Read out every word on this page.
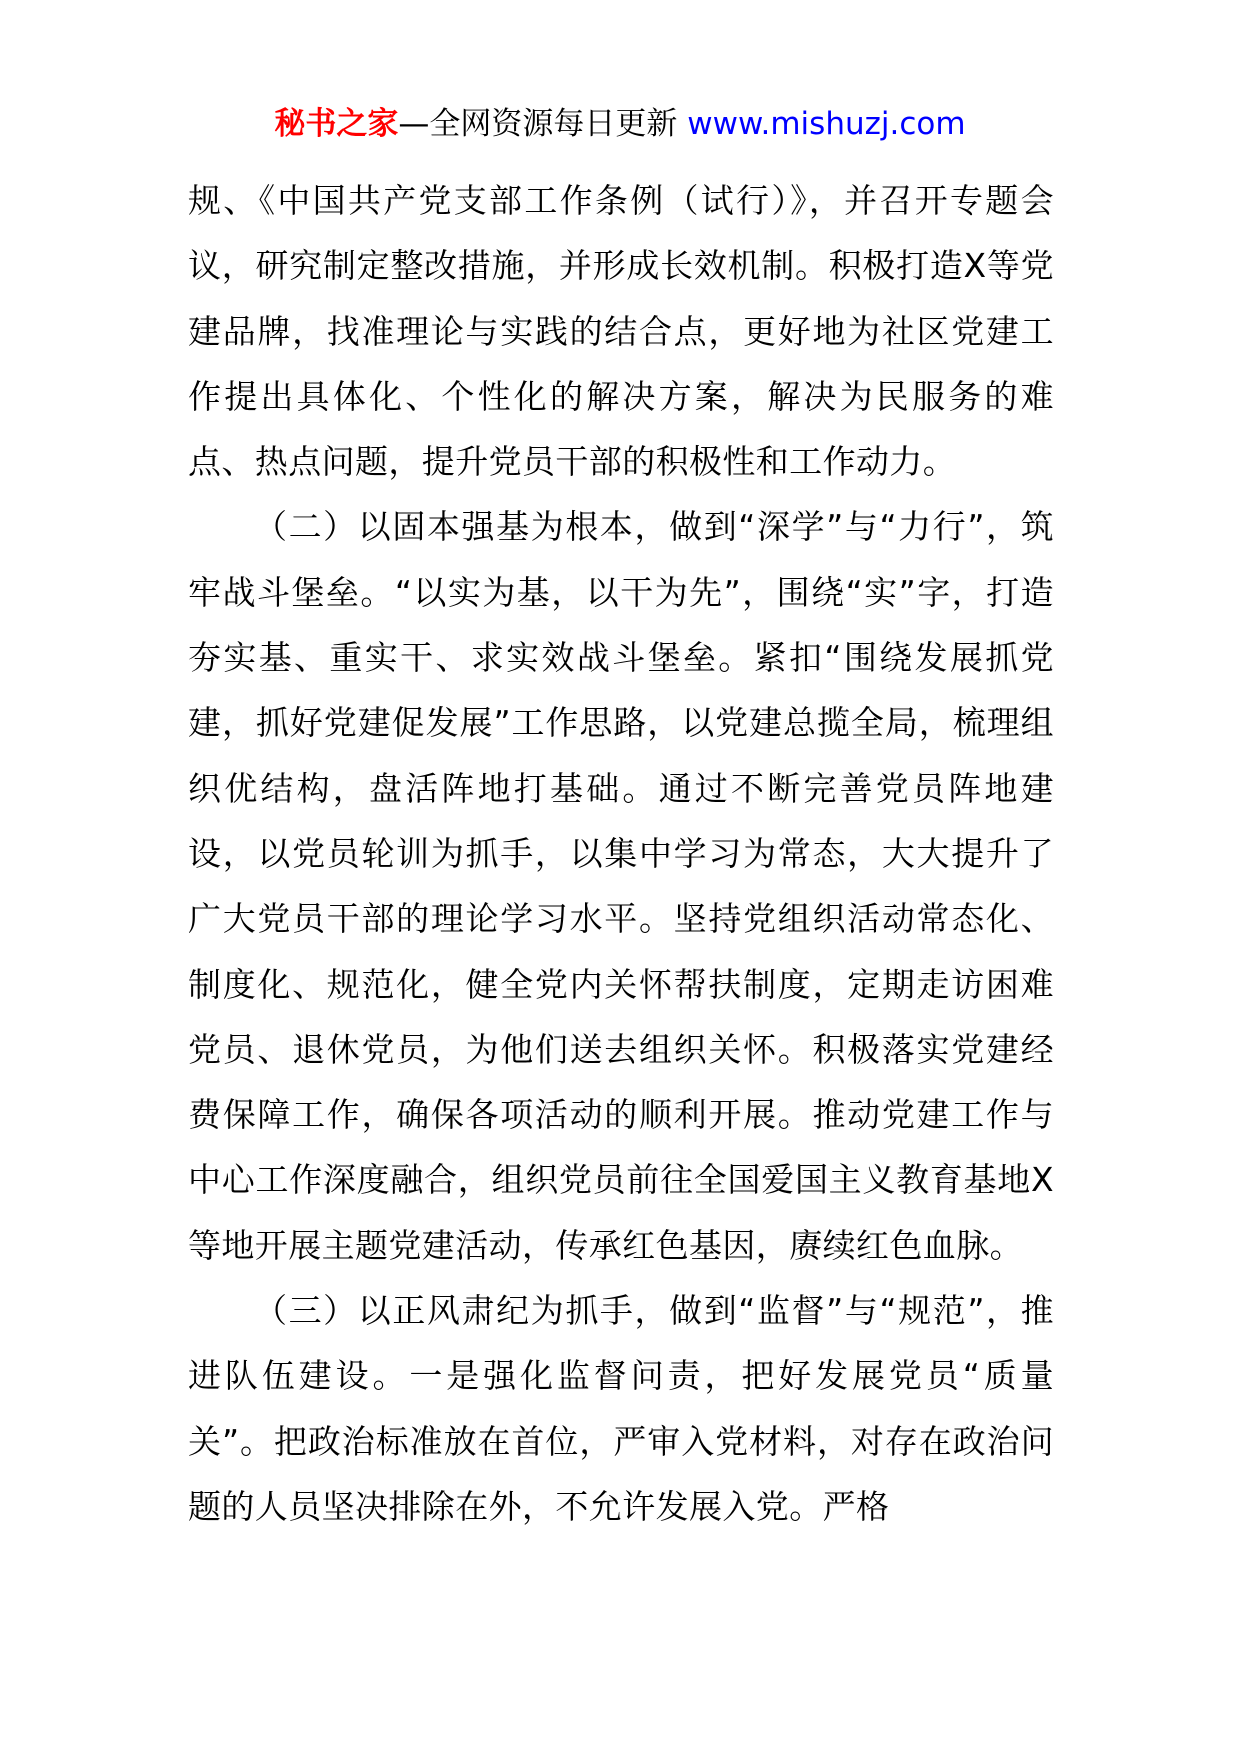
秘书之家—全网资源每日更新 www.mishuzj.com

规、《中国共产党支部工作条例（试行）》，并召开专题会议，研究制定整改措施，并形成长效机制。积极打造X等党建品牌，找准理论与实践的结合点，更好地为社区党建工作提出具体化、个性化的解决方案，解决为民服务的难点、热点问题，提升党员干部的积极性和工作动力。

（二）以固本强基为根本，做到“深学”与“力行”，筑牢战斗堡垒。“以实为基，以干为先”，围绕“实”字，打造夯实基、重实干、求实效战斗堡垒。紧扣“围绕发展抓党建，抓好党建促发展”工作思路，以党建总揽全局，梳理组织优结构，盘活阵地打基础。通过不断完善党员阵地建设，以党员轮训为抓手，以集中学习为常态，大大提升了广大党员干部的理论学习水平。坚持党组织活动常态化、制度化、规范化，健全党内关怀帮扶制度，定期走访困难党员、退休党员，为他们送去组织关怀。积极落实党建经费保障工作，确保各项活动的顺利开展。推动党建工作与中心工作深度融合，组织党员前往全国爱国主义教育基地X等地开展主题党建活动，传承红色基因，赓续红色血脉。

（三）以正风肃纪为抓手，做到“监督”与“规范”，推进队伍建设。一是强化监督问责，把好发展党员“质量关”。把政治标准放在首位，严审入党材料，对存在政治问题的人员坚决排除在外，不允许发展入党。严格
